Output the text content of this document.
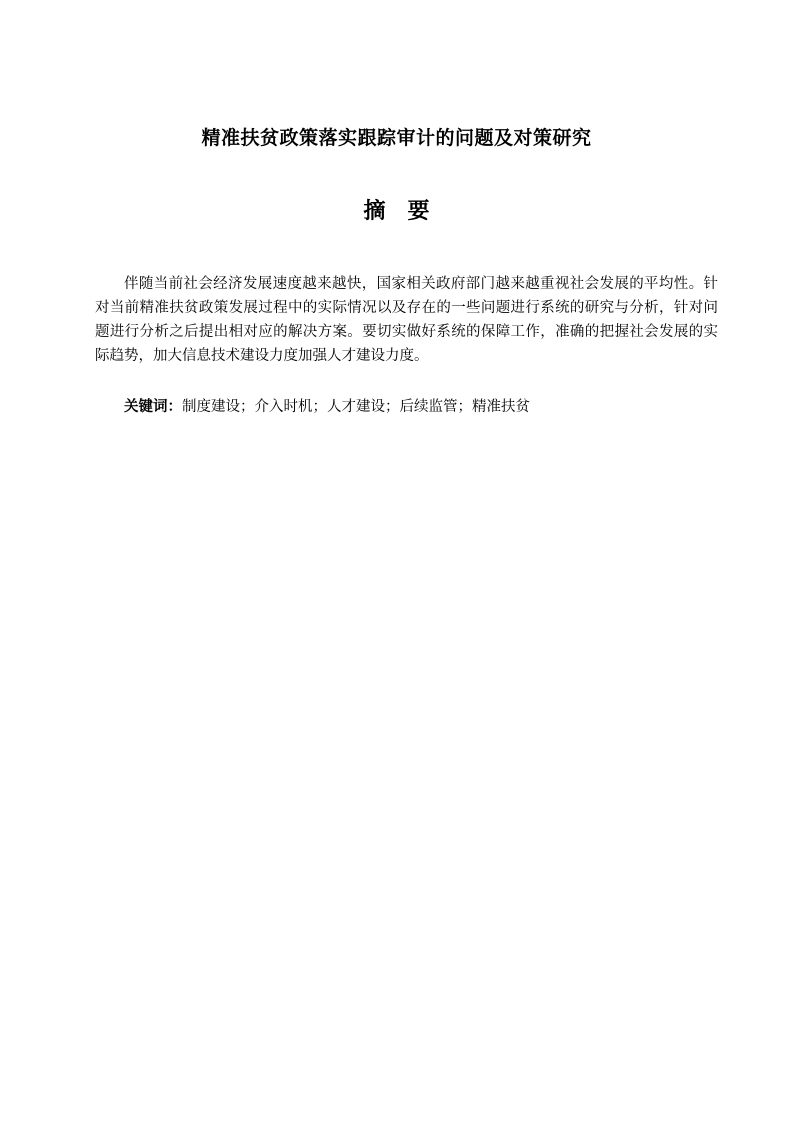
精准扶贫政策落实跟踪审计的问题及对策研究
摘要

伴随当前社会经济发展速度越来越快，国家相关政府部门越来越重视社会发展的平均性。针对当前精准扶贫政策发展过程中的实际情况以及存在的一些问题进行系统的研究与分析，针对问题进行分析之后提出相对应的解决方案。要切实做好系统的保障工作，准确的把握社会发展的实际趋势，加大信息技术建设力度加强人才建设力度。

关键词：制度建设；介入时机；人才建设；后续监管；精准扶贫
